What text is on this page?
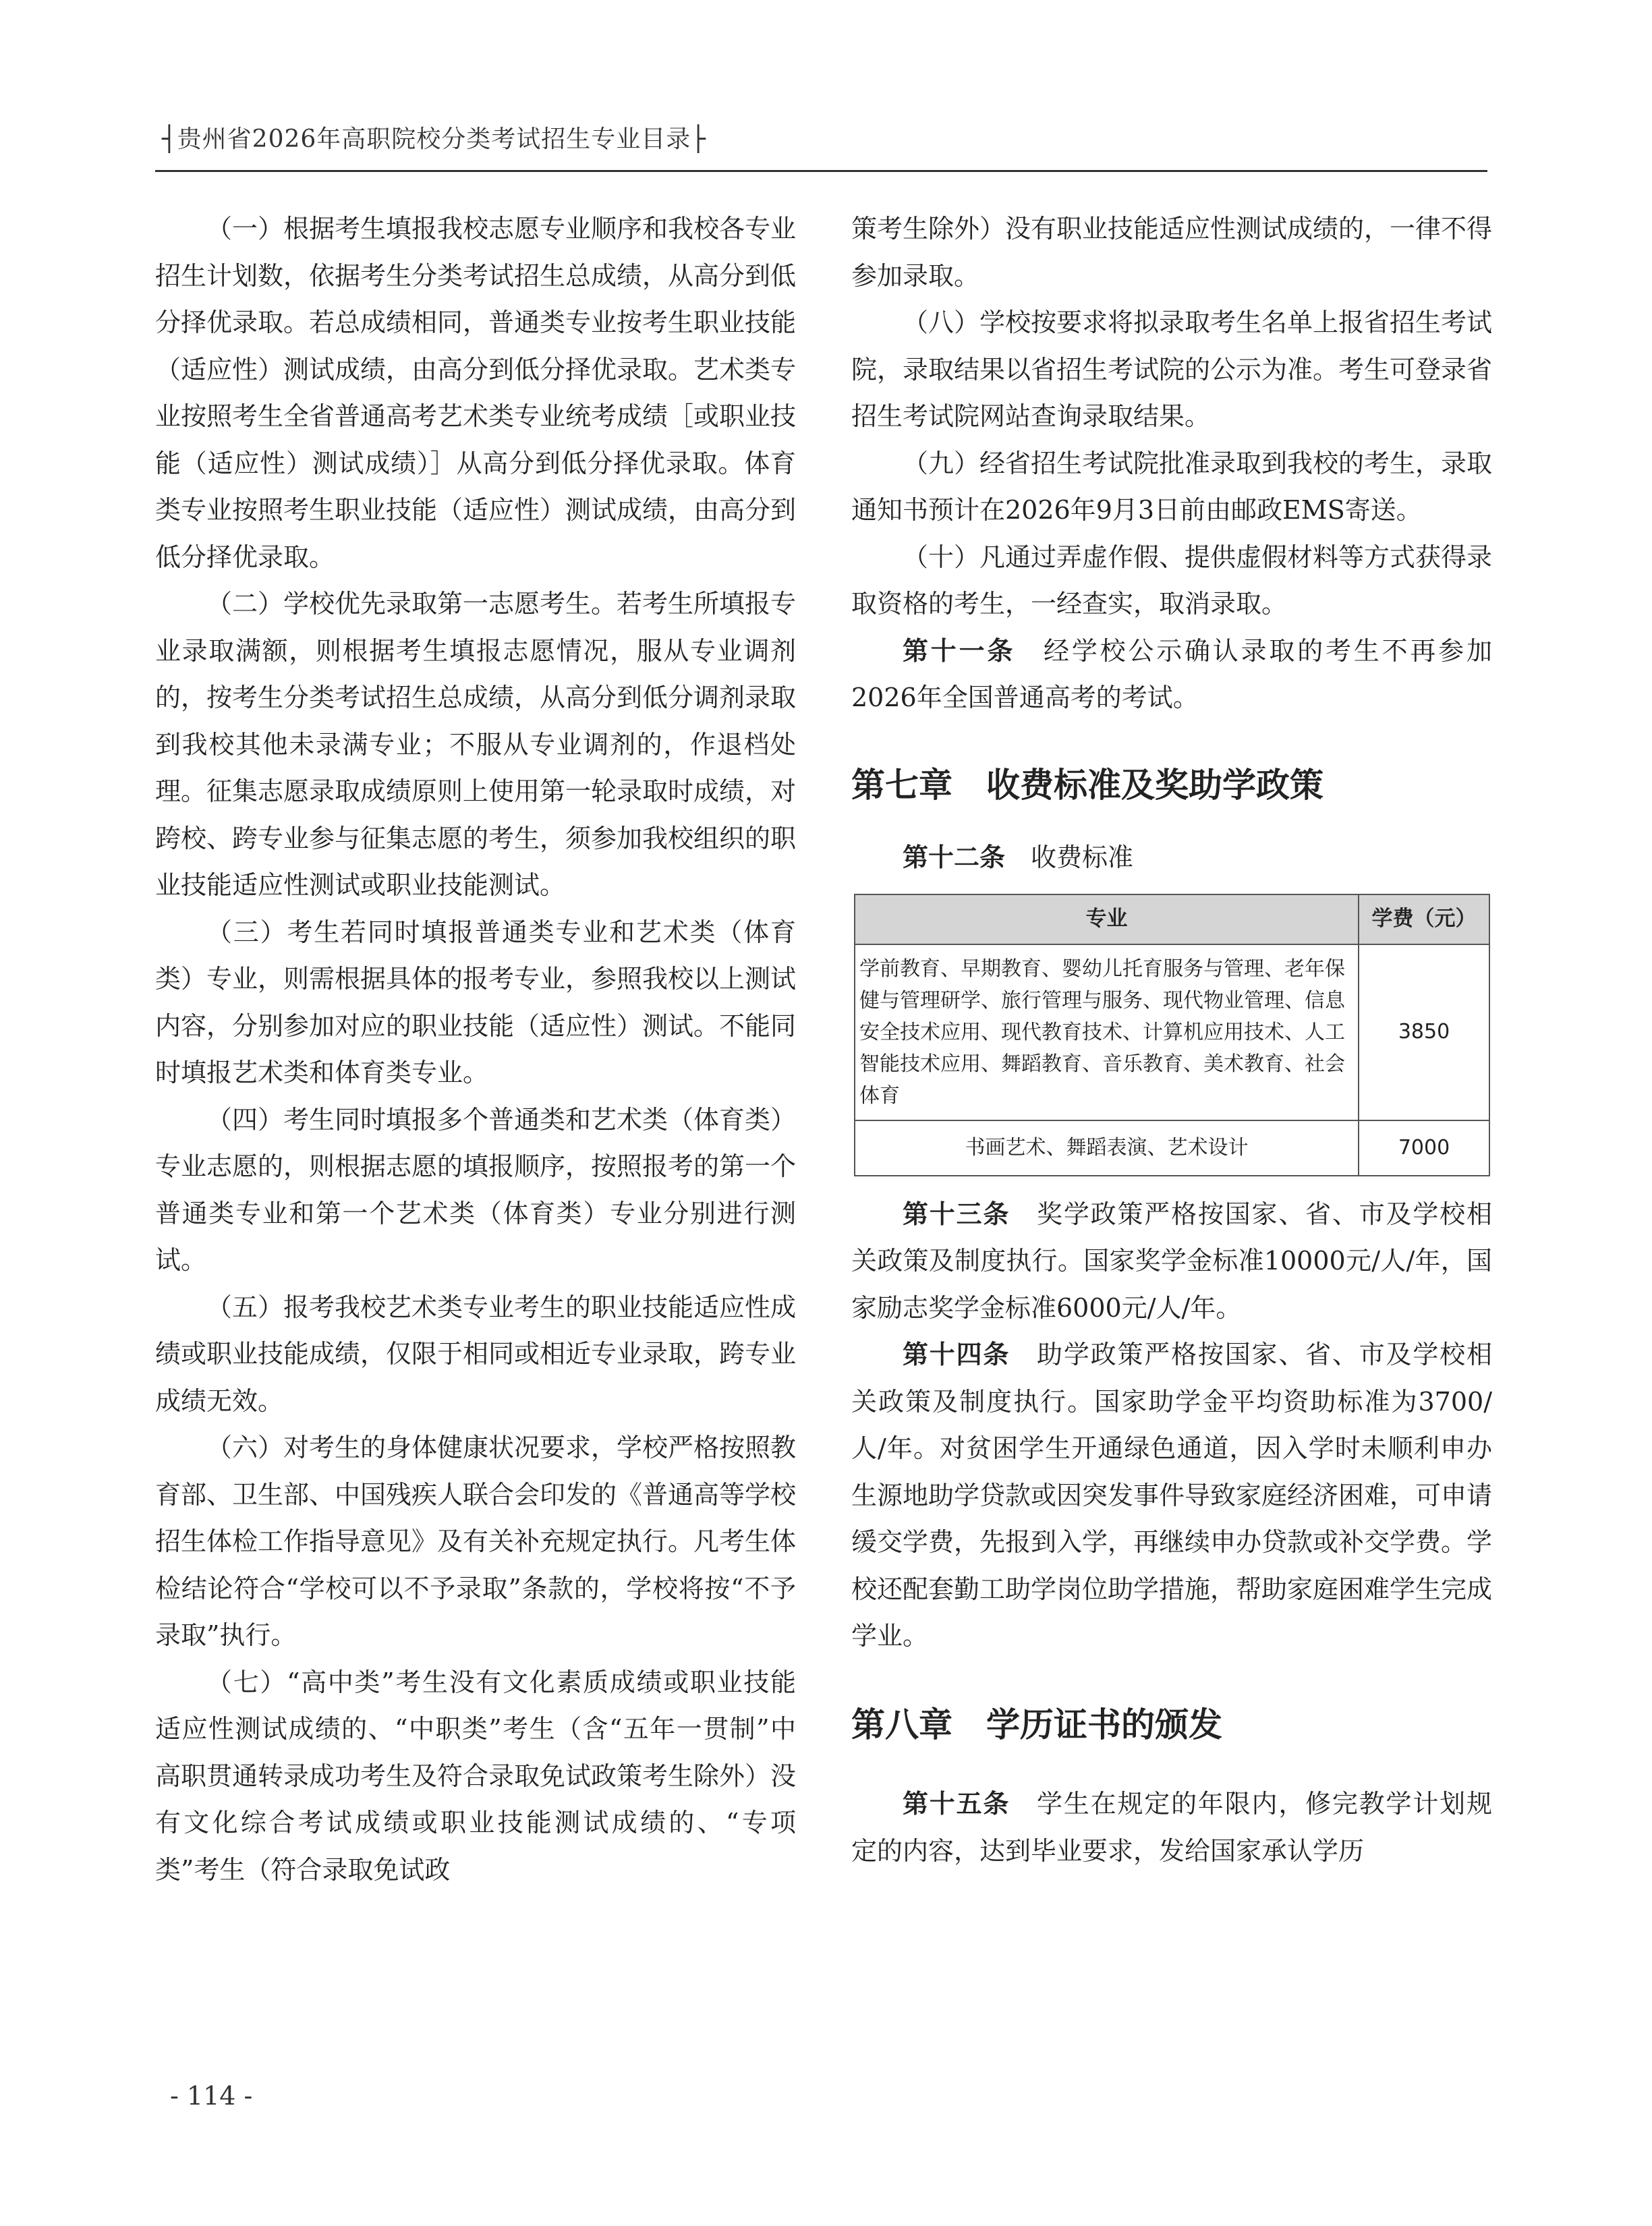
┤贵州省2026年高职院校分类考试招生专业目录├

（一）根据考生填报我校志愿专业顺序和我校各专业招生计划数，依据考生分类考试招生总成绩，从高分到低分择优录取。若总成绩相同，普通类专业按考生职业技能（适应性）测试成绩，由高分到低分择优录取。艺术类专业按照考生全省普通高考艺术类专业统考成绩［或职业技能（适应性）测试成绩）］从高分到低分择优录取。体育类专业按照考生职业技能（适应性）测试成绩，由高分到低分择优录取。

（二）学校优先录取第一志愿考生。若考生所填报专业录取满额，则根据考生填报志愿情况，服从专业调剂的，按考生分类考试招生总成绩，从高分到低分调剂录取到我校其他未录满专业；不服从专业调剂的，作退档处理。征集志愿录取成绩原则上使用第一轮录取时成绩，对跨校、跨专业参与征集志愿的考生，须参加我校组织的职业技能适应性测试或职业技能测试。

（三）考生若同时填报普通类专业和艺术类（体育类）专业，则需根据具体的报考专业，参照我校以上测试内容，分别参加对应的职业技能（适应性）测试。不能同时填报艺术类和体育类专业。

（四）考生同时填报多个普通类和艺术类（体育类）专业志愿的，则根据志愿的填报顺序，按照报考的第一个普通类专业和第一个艺术类（体育类）专业分别进行测试。

（五）报考我校艺术类专业考生的职业技能适应性成绩或职业技能成绩，仅限于相同或相近专业录取，跨专业成绩无效。

（六）对考生的身体健康状况要求，学校严格按照教育部、卫生部、中国残疾人联合会印发的《普通高等学校招生体检工作指导意见》及有关补充规定执行。凡考生体检结论符合“学校可以不予录取”条款的，学校将按“不予录取”执行。

（七）“高中类”考生没有文化素质成绩或职业技能适应性测试成绩的、“中职类”考生（含“五年一贯制”中高职贯通转录成功考生及符合录取免试政策考生除外）没有文化综合考试成绩或职业技能测试成绩的、“专项类”考生（符合录取免试政

策考生除外）没有职业技能适应性测试成绩的，一律不得参加录取。

（八）学校按要求将拟录取考生名单上报省招生考试院，录取结果以省招生考试院的公示为准。考生可登录省招生考试院网站查询录取结果。

（九）经省招生考试院批准录取到我校的考生，录取通知书预计在2026年9月3日前由邮政EMS寄送。

（十）凡通过弄虚作假、提供虚假材料等方式获得录取资格的考生，一经查实，取消录取。

第十一条　 经学校公示确认录取的考生不再参加2026年全国普通高考的考试。

第七章　收费标准及奖助学政策

第十二条　 收费标准

专业	学费（元）
学前教育、早期教育、婴幼儿托育服务与管理、老年保健与管理研学、旅行管理与服务、现代物业管理、信息安全技术应用、现代教育技术、计算机应用技术、人工智能技术应用、舞蹈教育、音乐教育、美术教育、社会体育	3850
书画艺术、舞蹈表演、艺术设计	7000

第十三条　 奖学政策严格按国家、省、市及学校相关政策及制度执行。国家奖学金标准10000元/人/年，国家励志奖学金标准6000元/人/年。

第十四条　 助学政策严格按国家、省、市及学校相关政策及制度执行。国家助学金平均资助标准为3700/人/年。对贫困学生开通绿色通道，因入学时未顺利申办生源地助学贷款或因突发事件导致家庭经济困难，可申请缓交学费，先报到入学，再继续申办贷款或补交学费。学校还配套勤工助学岗位助学措施，帮助家庭困难学生完成学业。

第八章　学历证书的颁发

第十五条　 学生在规定的年限内，修完教学计划规定的内容，达到毕业要求，发给国家承认学历

- 114 -
